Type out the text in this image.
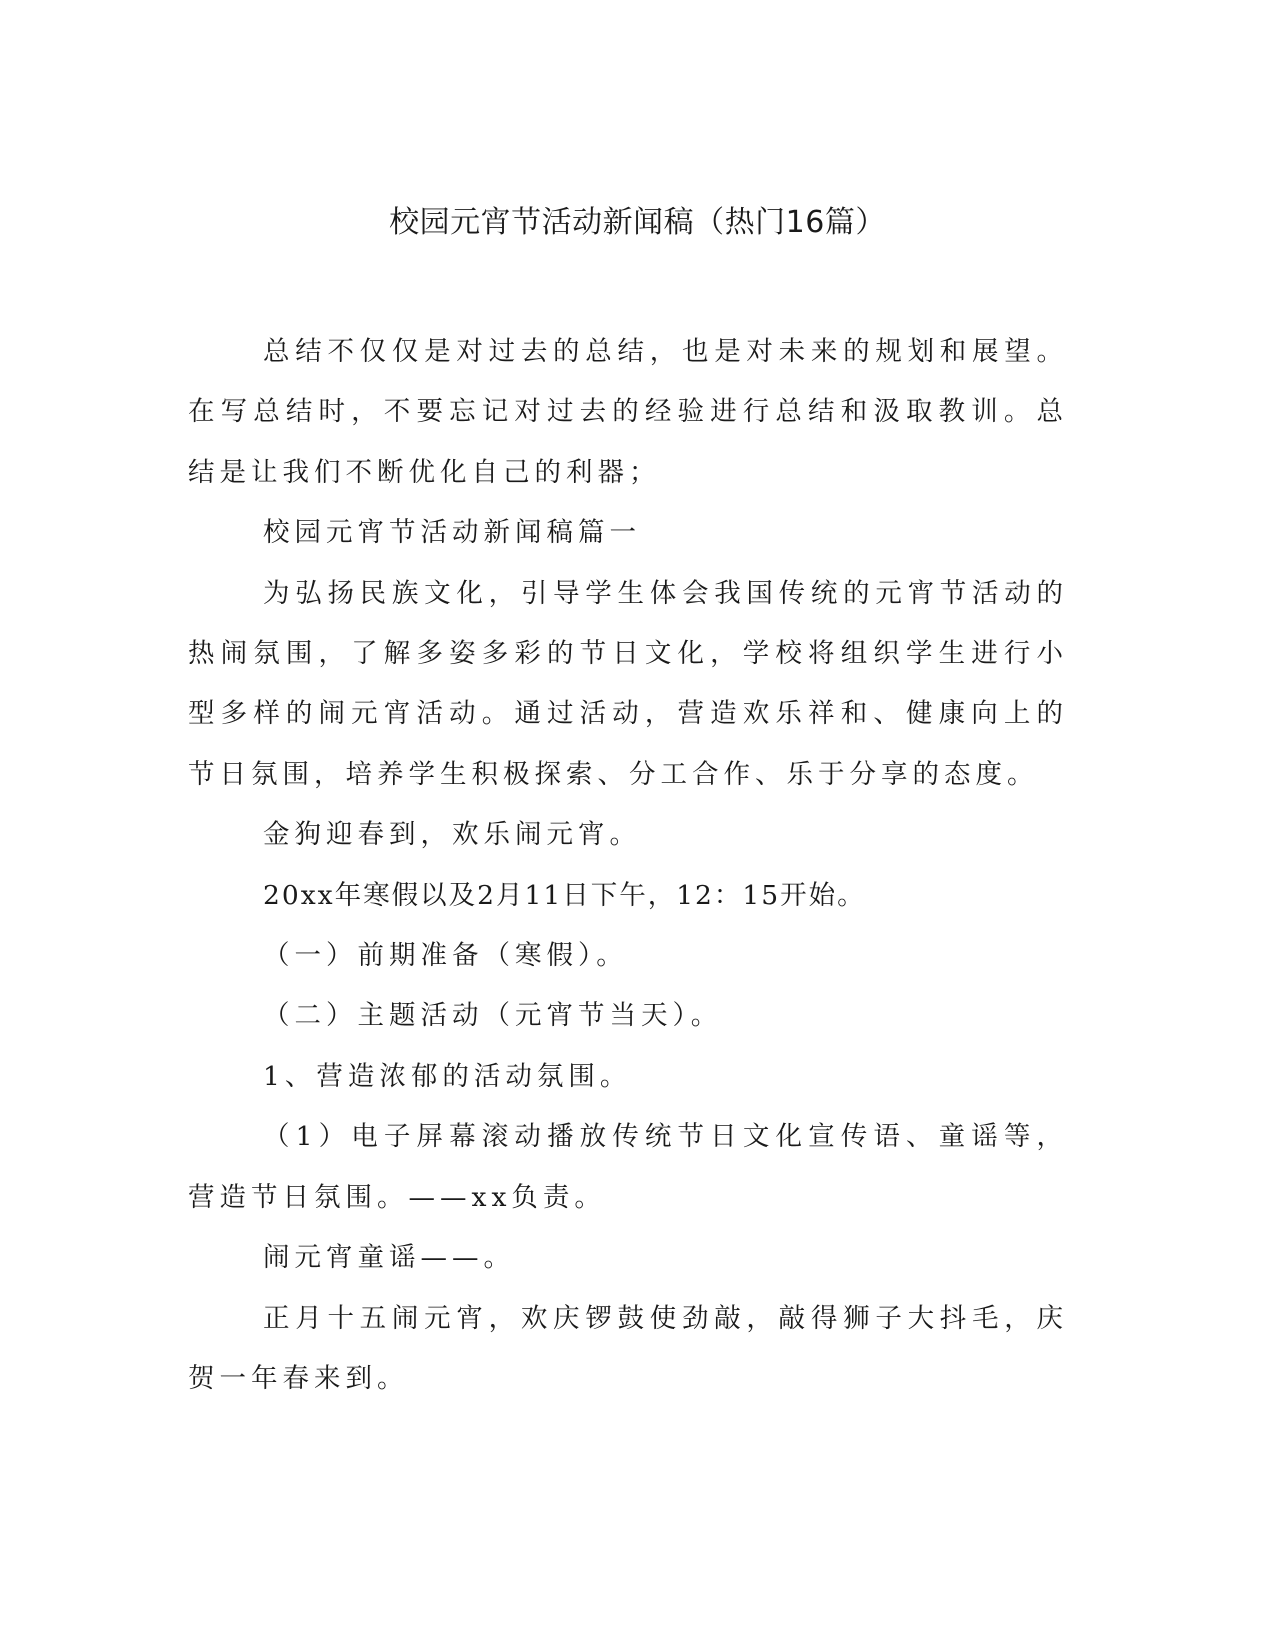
校园元宵节活动新闻稿（热门16篇）

总结不仅仅是对过去的总结，也是对未来的规划和展望。在写总结时，不要忘记对过去的经验进行总结和汲取教训。总结是让我们不断优化自己的利器；

校园元宵节活动新闻稿篇一

为弘扬民族文化，引导学生体会我国传统的元宵节活动的热闹氛围，了解多姿多彩的节日文化，学校将组织学生进行小型多样的闹元宵活动。通过活动，营造欢乐祥和、健康向上的节日氛围，培养学生积极探索、分工合作、乐于分享的态度。

金狗迎春到，欢乐闹元宵。

20xx年寒假以及2月11日下午，12：15开始。

（一）前期准备（寒假）。

（二）主题活动（元宵节当天）。

1、营造浓郁的活动氛围。

（1）电子屏幕滚动播放传统节日文化宣传语、童谣等，营造节日氛围。——xx负责。

闹元宵童谣——。

正月十五闹元宵，欢庆锣鼓使劲敲，敲得狮子大抖毛，庆贺一年春来到。
